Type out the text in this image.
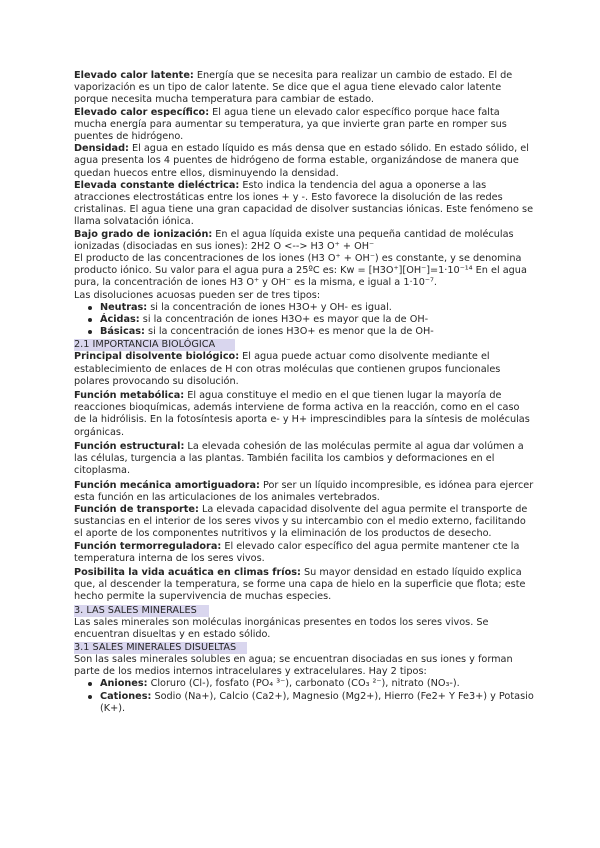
Elevado calor latente: Energía que se necesita para realizar un cambio de estado. El de vaporización es un tipo de calor latente. Se dice que el agua tiene elevado calor latente porque necesita mucha temperatura para cambiar de estado.

Elevado calor específico: El agua tiene un elevado calor específico porque hace falta mucha energía para aumentar su temperatura, ya que invierte gran parte en romper sus puentes de hidrógeno.

Densidad: El agua en estado líquido es más densa que en estado sólido. En estado sólido, el agua presenta los 4 puentes de hidrógeno de forma estable, organizándose de manera que quedan huecos entre ellos, disminuyendo la densidad.

Elevada constante dieléctrica: Esto indica la tendencia del agua a oponerse a las atracciones electrostáticas entre los iones + y -. Esto favorece la disolución de las redes cristalinas. El agua tiene una gran capacidad de disolver sustancias iónicas. Este fenómeno se llama solvatación iónica.

Bajo grado de ionización: En el agua líquida existe una pequeña cantidad de moléculas ionizadas (disociadas en sus iones): 2H2 O <--> H3 O⁺ + OH⁻

El producto de las concentraciones de los iones (H3 O⁺ + OH⁻) es constante, y se denomina producto iónico. Su valor para el agua pura a 25ºC es: Kw = [H3O⁺][OH⁻]=1·10⁻¹⁴ En el agua pura, la concentración de iones H3 O⁺ y OH⁻ es la misma, e igual a 1·10⁻⁷.

Las disoluciones acuosas pueden ser de tres tipos:

Neutras: si la concentración de iones H3O+ y OH- es igual.
Ácidas: si la concentración de iones H3O+ es mayor que la de OH-
Básicas: si la concentración de iones H3O+ es menor que la de OH-
2.1 IMPORTANCIA BIOLÓGICA

Principal disolvente biológico: El agua puede actuar como disolvente mediante el establecimiento de enlaces de H con otras moléculas que contienen grupos funcionales polares provocando su disolución.

Función metabólica: El agua constituye el medio en el que tienen lugar la mayoría de reacciones bioquímicas, además interviene de forma activa en la reacción, como en el caso de la hidrólisis. En la fotosíntesis aporta e- y H+ imprescindibles para la síntesis de moléculas orgánicas.

Función estructural: La elevada cohesión de las moléculas permite al agua dar volúmen a las células, turgencia a las plantas. También facilita los cambios y deformaciones en el citoplasma.

Función mecánica amortiguadora: Por ser un líquido incompresible, es idónea para ejercer esta función en las articulaciones de los animales vertebrados.

Función de transporte: La elevada capacidad disolvente del agua permite el transporte de sustancias en el interior de los seres vivos y su intercambio con el medio externo, facilitando el aporte de los componentes nutritivos y la eliminación de los productos de desecho.

Función termorreguladora: El elevado calor específico del agua permite mantener cte la temperatura interna de los seres vivos.

Posibilita la vida acuática en climas fríos: Su mayor densidad en estado líquido explica que, al descender la temperatura, se forme una capa de hielo en la superficie que flota; este hecho permite la supervivencia de muchas especies.

3. LAS SALES MINERALES

Las sales minerales son moléculas inorgánicas presentes en todos los seres vivos. Se encuentran disueltas y en estado sólido.

3.1 SALES MINERALES DISUELTAS

Son las sales minerales solubles en agua; se encuentran disociadas en sus iones y forman parte de los medios internos intracelulares y extracelulares. Hay 2 tipos:

Aniones: Cloruro (Cl-), fosfato (PO₄ ³⁻), carbonato (CO₃ ²⁻), nitrato (NO₃-).
Cationes: Sodio (Na+), Calcio (Ca2+), Magnesio (Mg2+), Hierro (Fe2+ Y Fe3+) y Potasio (K+).
